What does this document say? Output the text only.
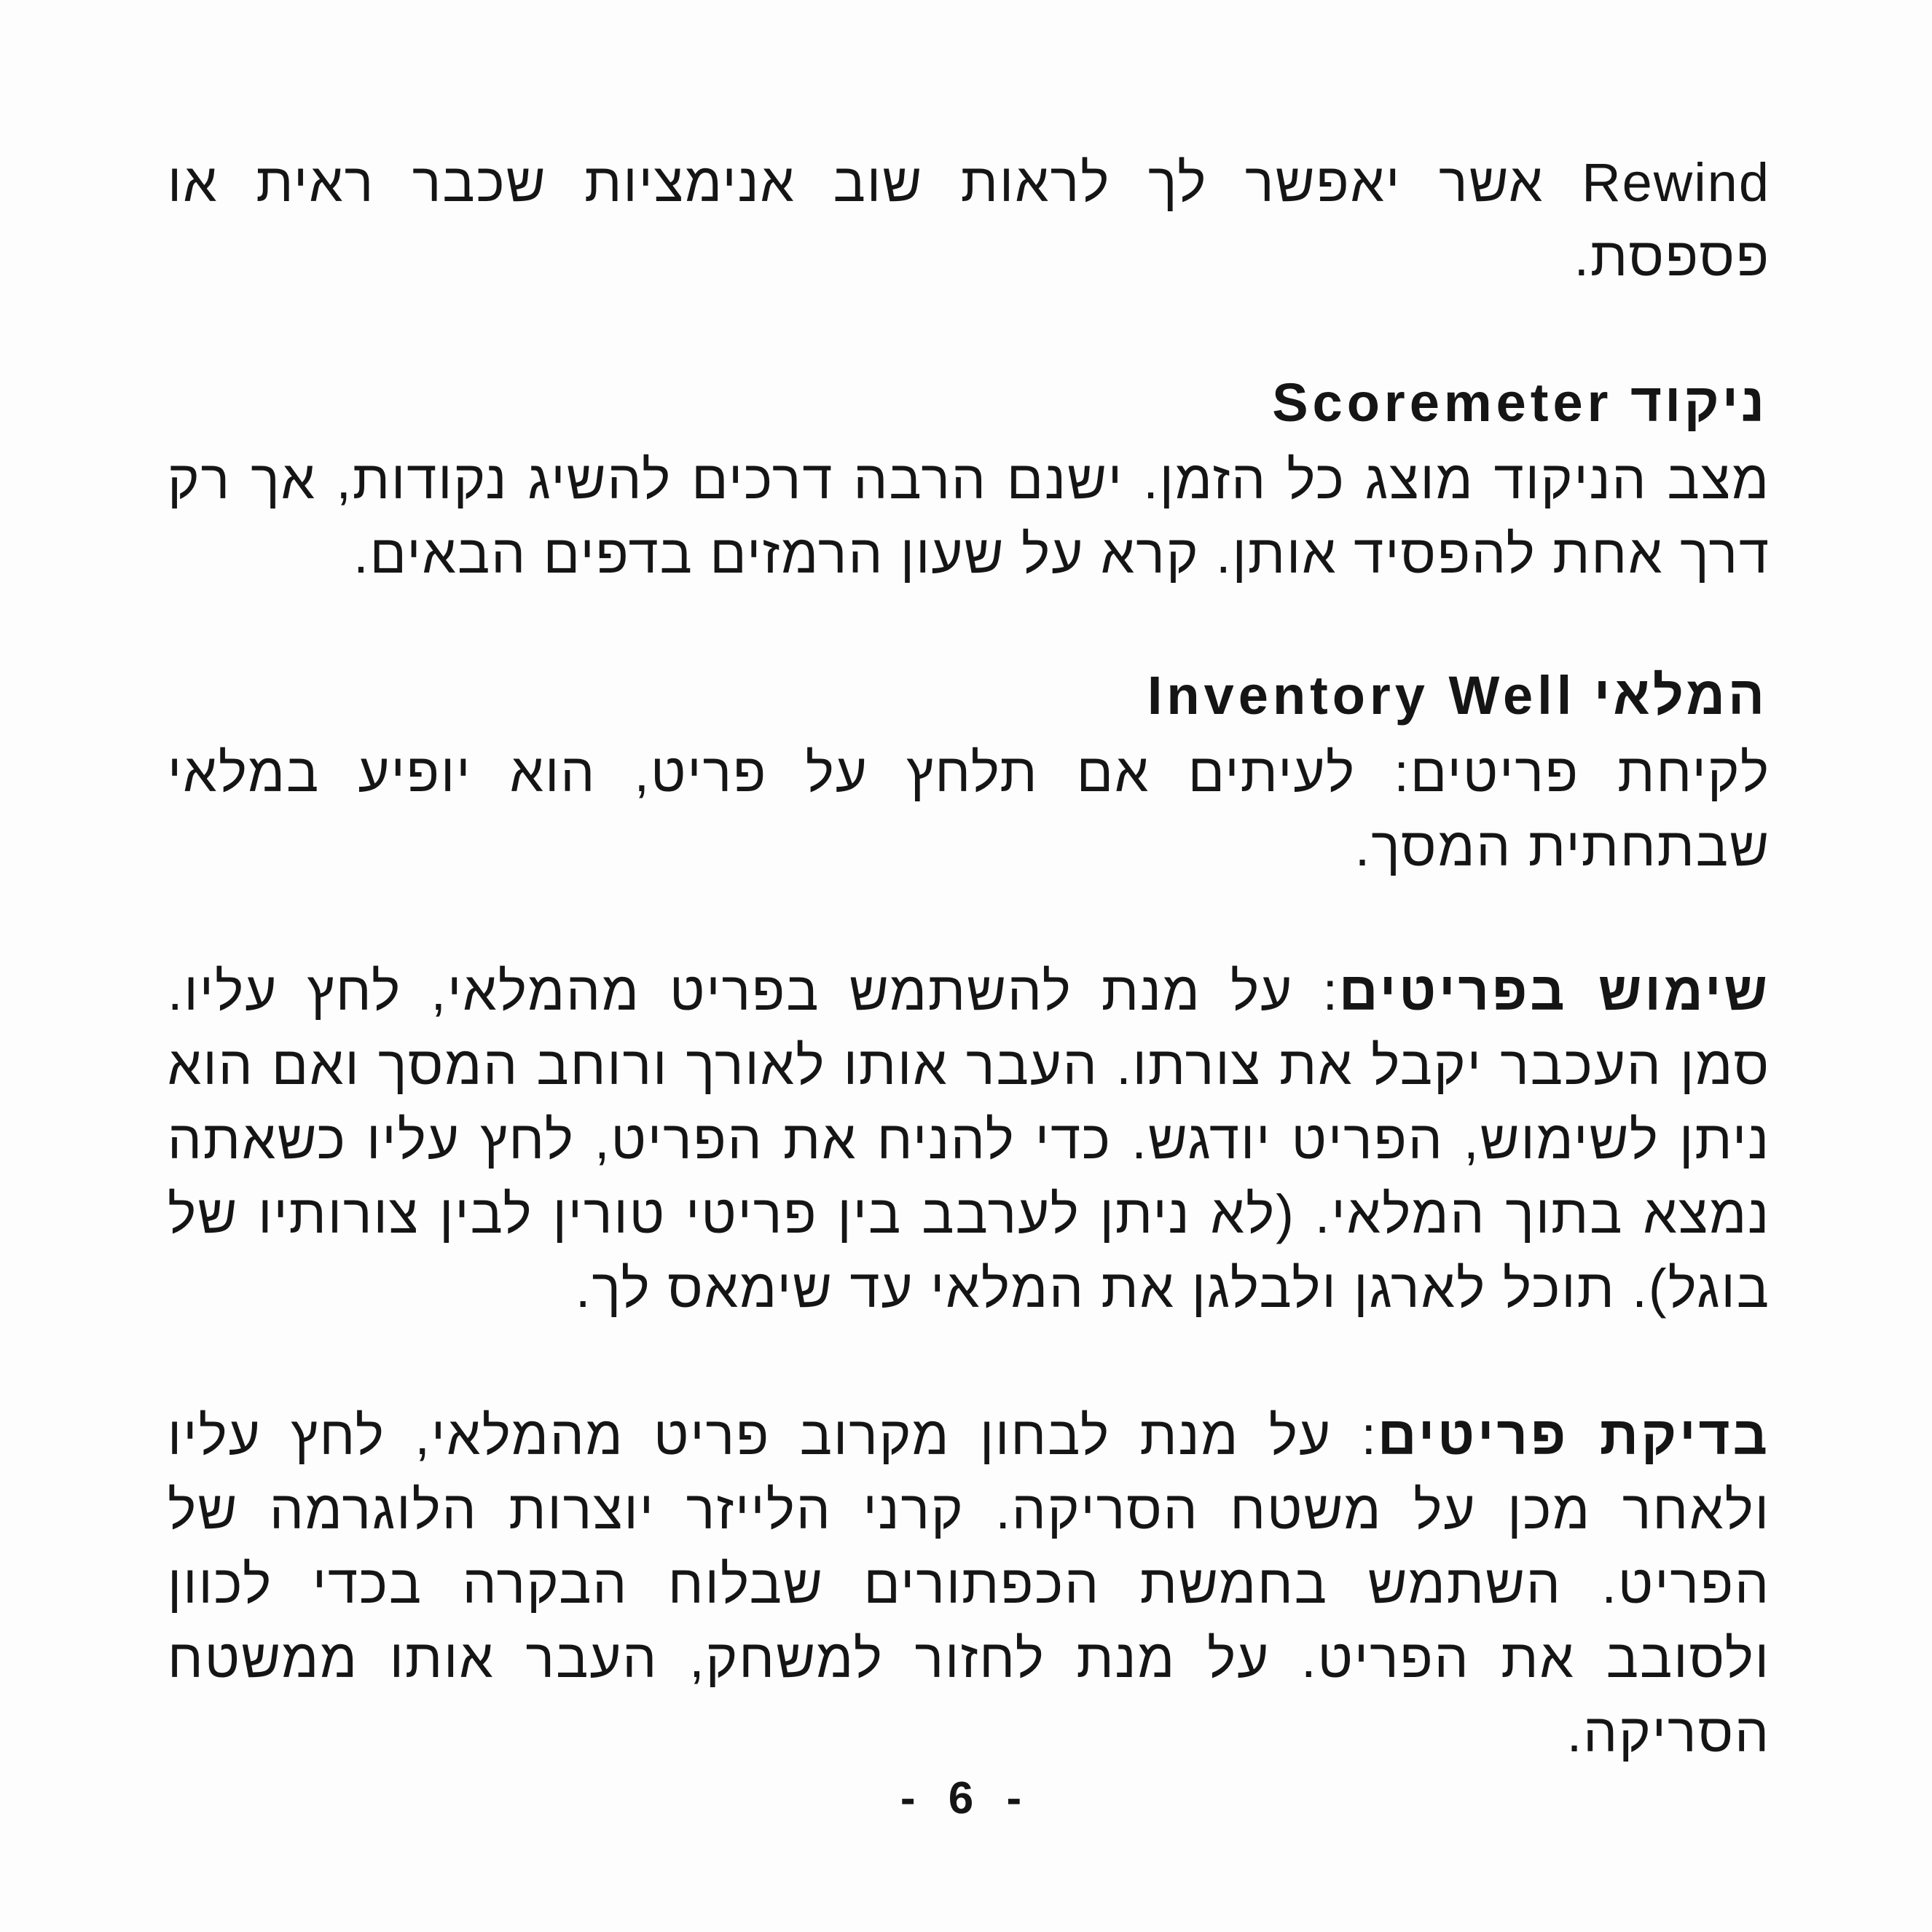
Rewind אשר יאפשר לך לראות שוב אנימציות שכבר ראית או פספסת.

ניקוד Scoremeter

מצב הניקוד מוצג כל הזמן. ישנם הרבה דרכים להשיג נקודות, אך רק דרך אחת להפסיד אותן. קרא על שעון הרמזים בדפים הבאים.

המלאי Inventory Well

לקיחת פריטים: לעיתים אם תלחץ על פריט, הוא יופיע במלאי שבתחתית המסך.

שימוש בפריטים: על מנת להשתמש בפריט מהמלאי, לחץ עליו. סמן העכבר יקבל את צורתו. העבר אותו לאורך ורוחב המסך ואם הוא ניתן לשימוש, הפריט יודגש. כדי להניח את הפריט, לחץ עליו כשאתה נמצא בתוך המלאי. (לא ניתן לערבב בין פריטי טורין לבין צורותיו של בוגל). תוכל לארגן ולבלגן את המלאי עד שימאס לך.

בדיקת פריטים: על מנת לבחון מקרוב פריט מהמלאי, לחץ עליו ולאחר מכן על משטח הסריקה. קרני הלייזר יוצרות הלוגרמה של הפריט. השתמש בחמשת הכפתורים שבלוח הבקרה בכדי לכוון ולסובב את הפריט. על מנת לחזור למשחק, העבר אותו ממשטח הסריקה.

- 6 -
